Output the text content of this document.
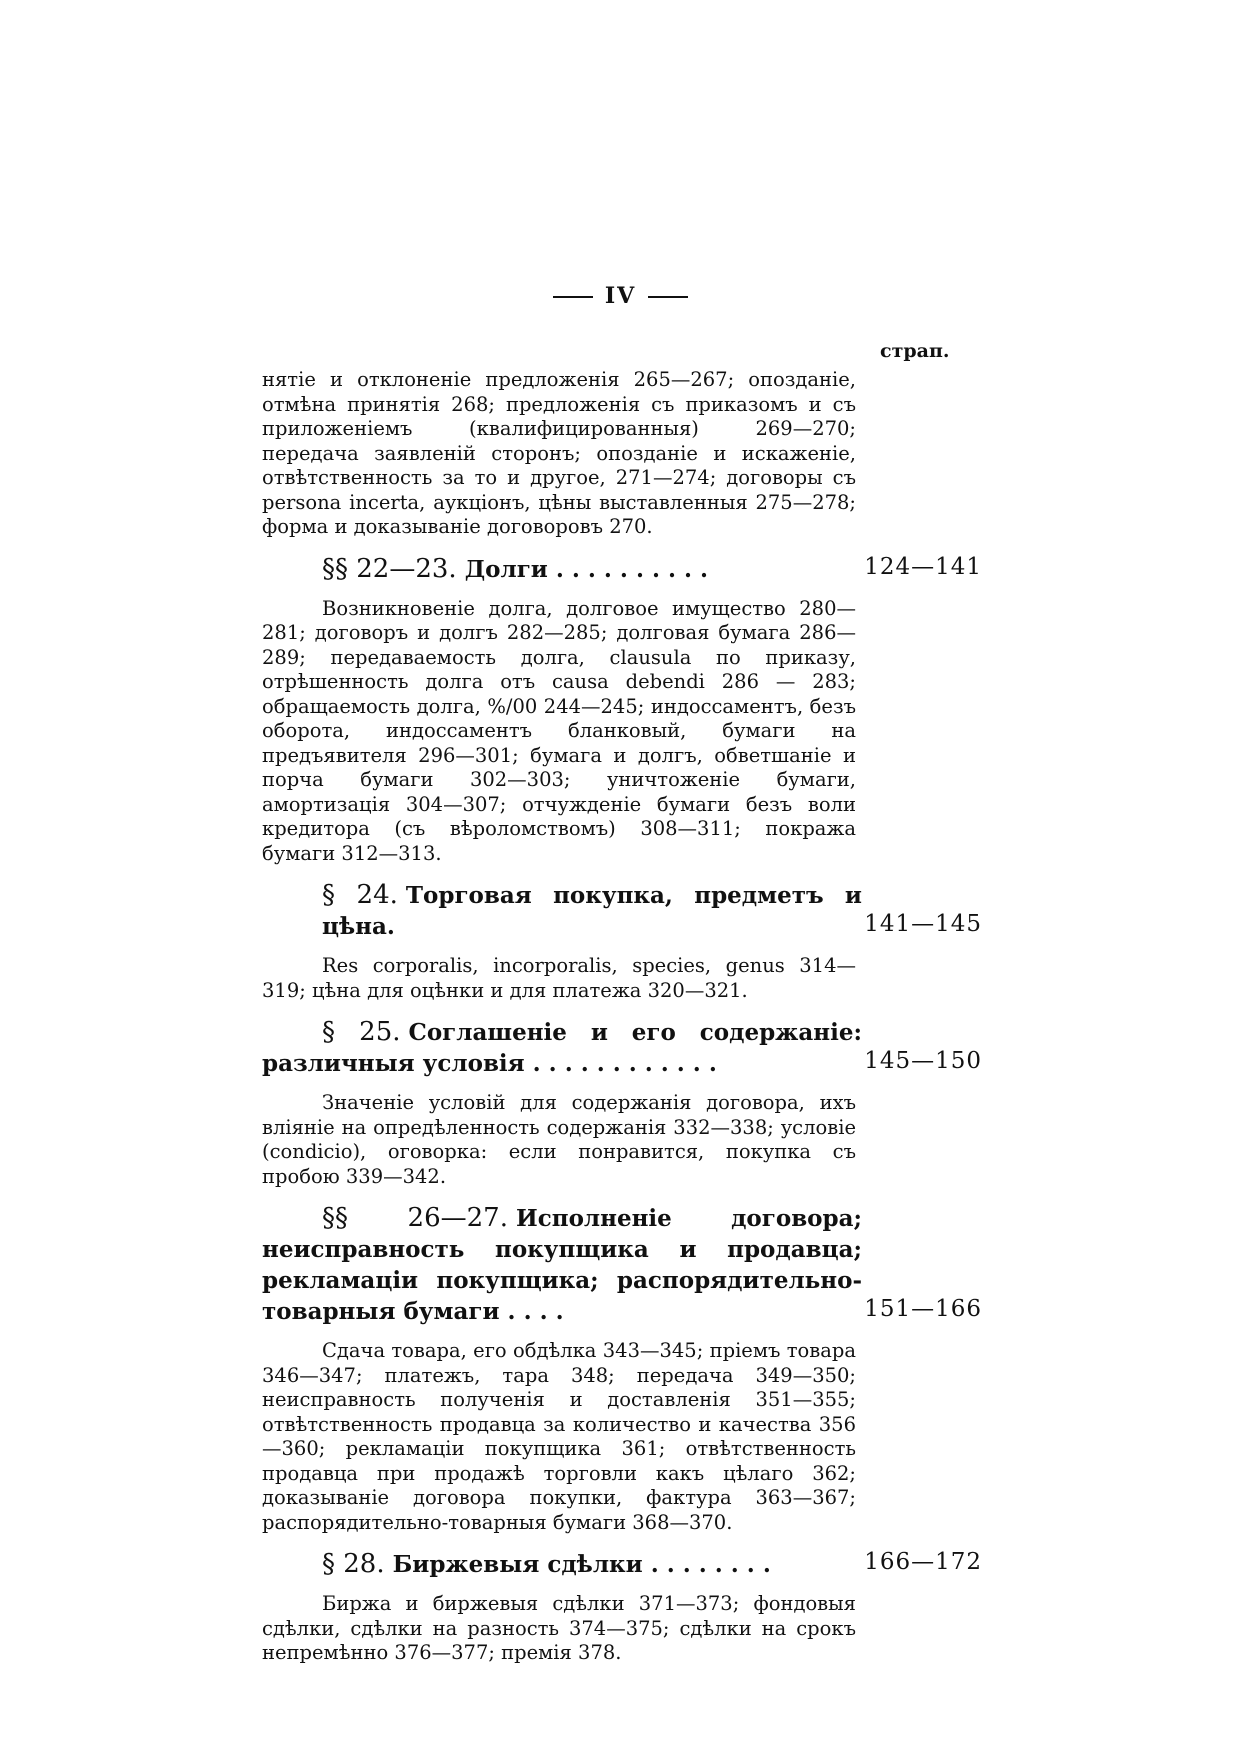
IV
страп.

нятіе и отклоненіе предложенія 265—267; опозданіе, отмѣна принятія 268; предложенія съ приказомъ и съ приложеніемъ (квалифицированныя) 269—270; передача заявленій сторонъ; опозданіе и искаженіе, отвѣтственность за то и другое, 271—274; договоры съ persona incerta, аукціонъ, цѣны выставленныя 275—278; форма и доказываніе договоровъ 270.

§§ 22—23. Долги . . . . . . . . . .	124—141

Возникновеніе долга, долговое имущество 280—281; договоръ и долгъ 282—285; долговая бумага 286—289; передаваемость долга, clausula по приказу, отрѣшенность долга отъ causa debendi 286 — 283; обращаемость долга, %/00 244—245; индоссаментъ, безъ оборота, индоссаментъ бланковый, бумаги на предъявителя 296—301; бумага и долгъ, обветшаніе и порча бумаги 302—303; уничтоженіе бумаги, амортизація 304—307; отчужденіе бумаги безъ воли кредитора (съ вѣроломствомъ) 308—311; покража бумаги 312—313.

§ 24. Торговая покупка, предметъ и цѣна.	141—145

Res corporalis, incorporalis, species, genus 314—319; цѣна для оцѣнки и для платежа 320—321.

§ 25. Соглашеніе и его содержаніе: различныя условія . . . . . . . . . . . .	145—150

Значеніе условій для содержанія договора, ихъ вліяніе на опредѣленность содержанія 332—338; условіе (condicio), оговорка: если понравится, покупка съ пробою 339—342.

§§ 26—27. Исполненіе договора; неисправность покупщика и продавца; рекламаціи покупщика; распорядительно-товарныя бумаги . . . .	151—166

Сдача товара, его обдѣлка 343—345; пріемъ товара 346—347; платежъ, тара 348; передача 349—350; неисправность полученія и доставленія 351—355; отвѣтственность продавца за количество и качества 356—360; рекламаціи покупщика 361; отвѣтственность продавца при продажѣ торговли какъ цѣлаго 362; доказываніе договора покупки, фактура 363—367; распорядительно-товарныя бумаги 368—370.

§ 28. Биржевыя сдѣлки . . . . . . . .	166—172

Биржа и биржевыя сдѣлки 371—373; фондовыя сдѣлки, сдѣлки на разность 374—375; сдѣлки на срокъ непремѣнно 376—377; премія 378.
